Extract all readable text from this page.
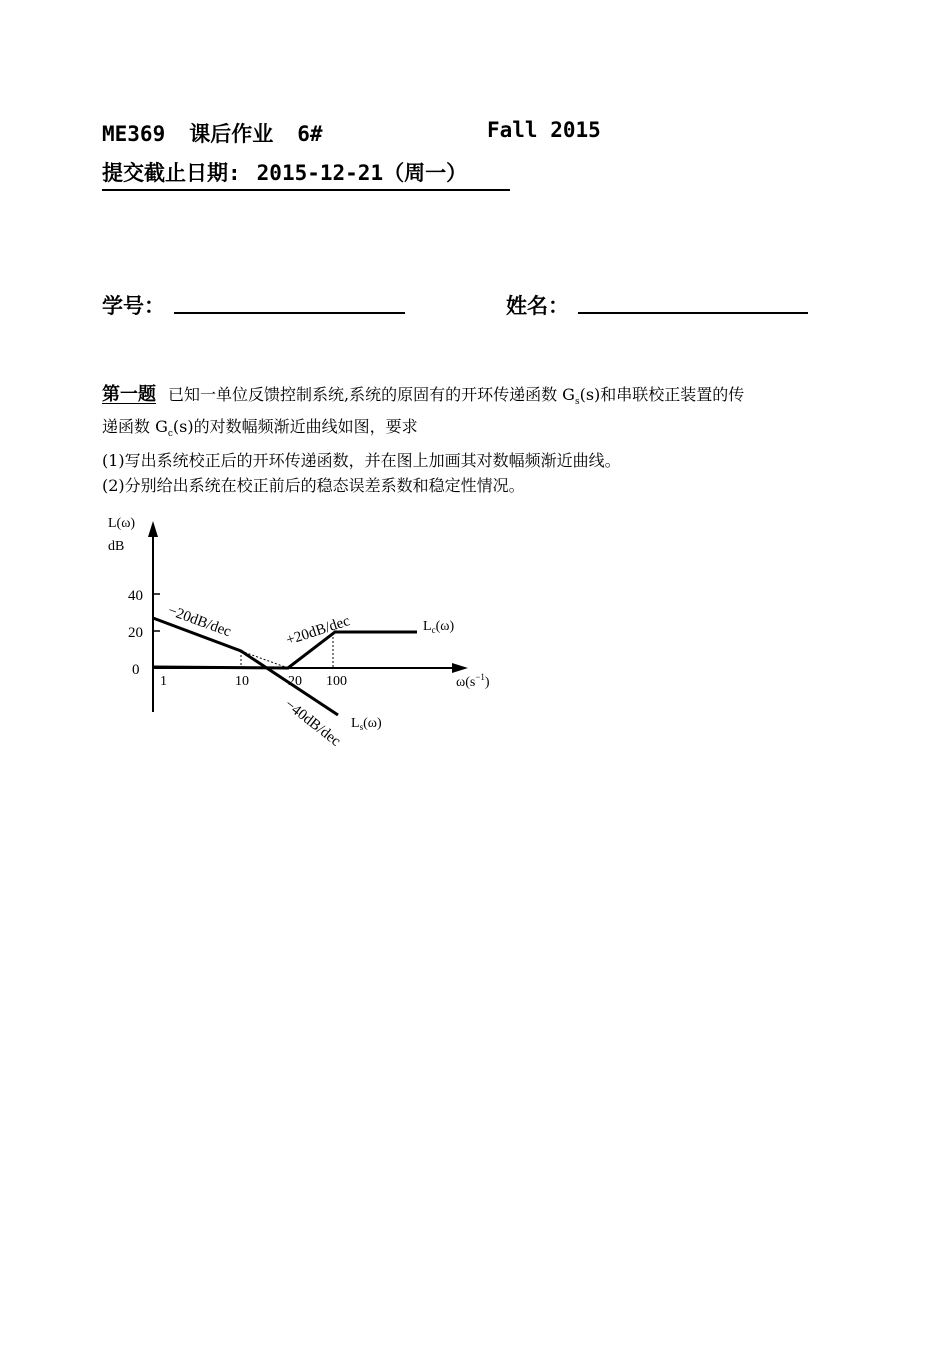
ME369 课后作业 6#	Fall 2015
提交截止日期: 2015-12-21（周一）
学号：	姓名：
第一题 已知一单位反馈控制系统,系统的原固有的开环传递函数 $G_s(s)$和串联校正装置的传
递函数 $G_c(s)$的对数幅频渐近曲线如图，要求
(1)写出系统校正后的开环传递函数，并在图上加画其对数幅频渐近曲线。
(2)分别给出系统在校正前后的稳态误差系数和稳定性情况。
L(ω)
dB
40
20
0
1	10	20 100	$\omega(s^{-1})$
−20dB/dec	+20dB/dec
−40dB/dec
$L_c(\omega)$
$L_s(\omega)$
